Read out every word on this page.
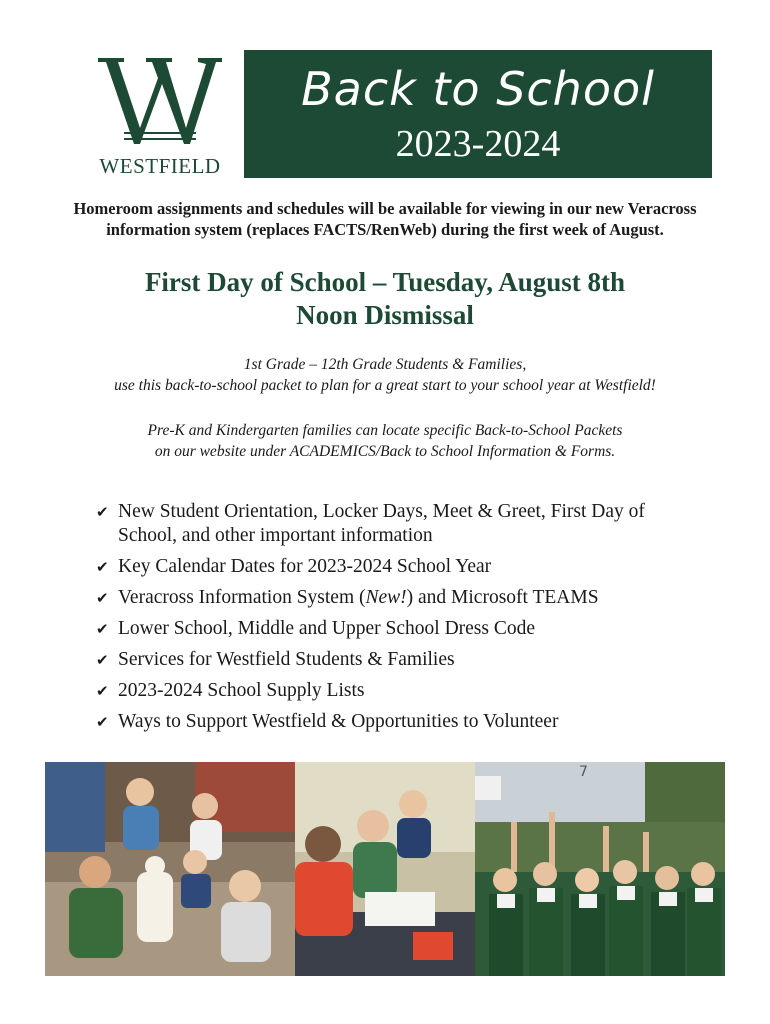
WESTFIELD
Back to School
2023-2024
Homeroom assignments and schedules will be available for viewing in our new Veracross
information system (replaces FACTS/RenWeb) during the first week of August.
First Day of School – Tuesday, August 8th
Noon Dismissal
1st Grade – 12th Grade Students & Families,
use this back-to-school packet to plan for a great start to your school year at Westfield!
Pre-K and Kindergarten families can locate specific Back-to-School Packets
on our website under ACADEMICS/Back to School Information & Forms.
✔ New Student Orientation, Locker Days, Meet & Greet, First Day of School, and other important information
✔ Key Calendar Dates for 2023-2024 School Year
✔ Veracross Information System (New!) and Microsoft TEAMS
✔ Lower School, Middle and Upper School Dress Code
✔ Services for Westfield Students & Families
✔ 2023-2024 School Supply Lists
✔ Ways to Support Westfield & Opportunities to Volunteer
7
